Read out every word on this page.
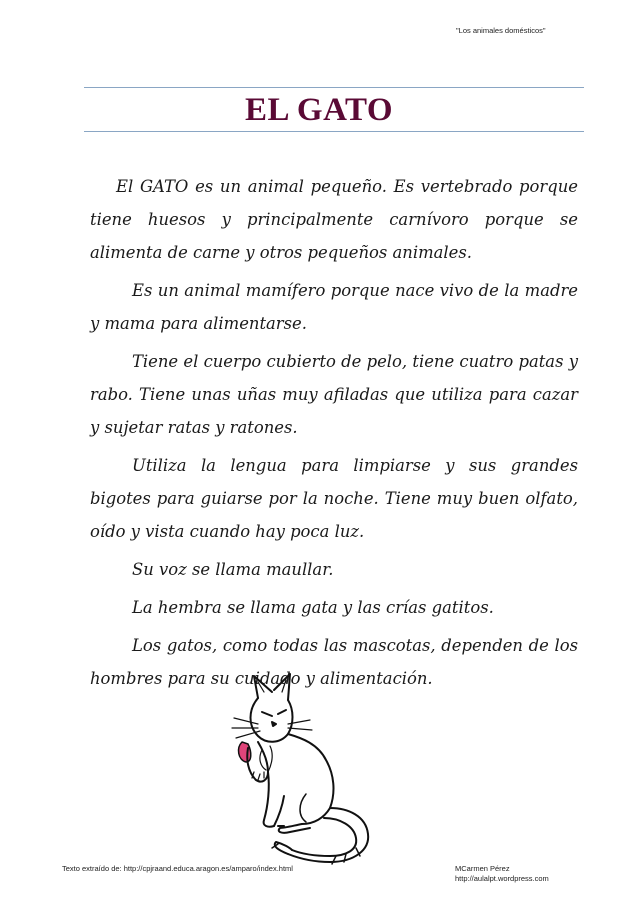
"Los animales domésticos"
EL GATO

El GATO es un animal pequeño. Es vertebrado porque tiene huesos y principalmente carnívoro porque se alimenta de carne y otros pequeños animales.

Es un animal mamífero porque nace vivo de la madre y mama para alimentarse.

Tiene el cuerpo cubierto de pelo, tiene cuatro patas y rabo. Tiene unas uñas muy afiladas que utiliza para cazar y sujetar ratas y ratones.

Utiliza la lengua para limpiarse y sus grandes bigotes para guiarse por la noche. Tiene muy buen olfato, oído y vista cuando hay poca luz.

Su voz se llama maullar.

La hembra se llama gata y las crías gatitos.

Los gatos, como todas las mascotas, dependen de los hombres para su cuidado y alimentación.

Texto extraído de: http://cpjraand.educa.aragon.es/amparo/index.html	MCarmen Pérez
http://aulalpt.wordpress.com
